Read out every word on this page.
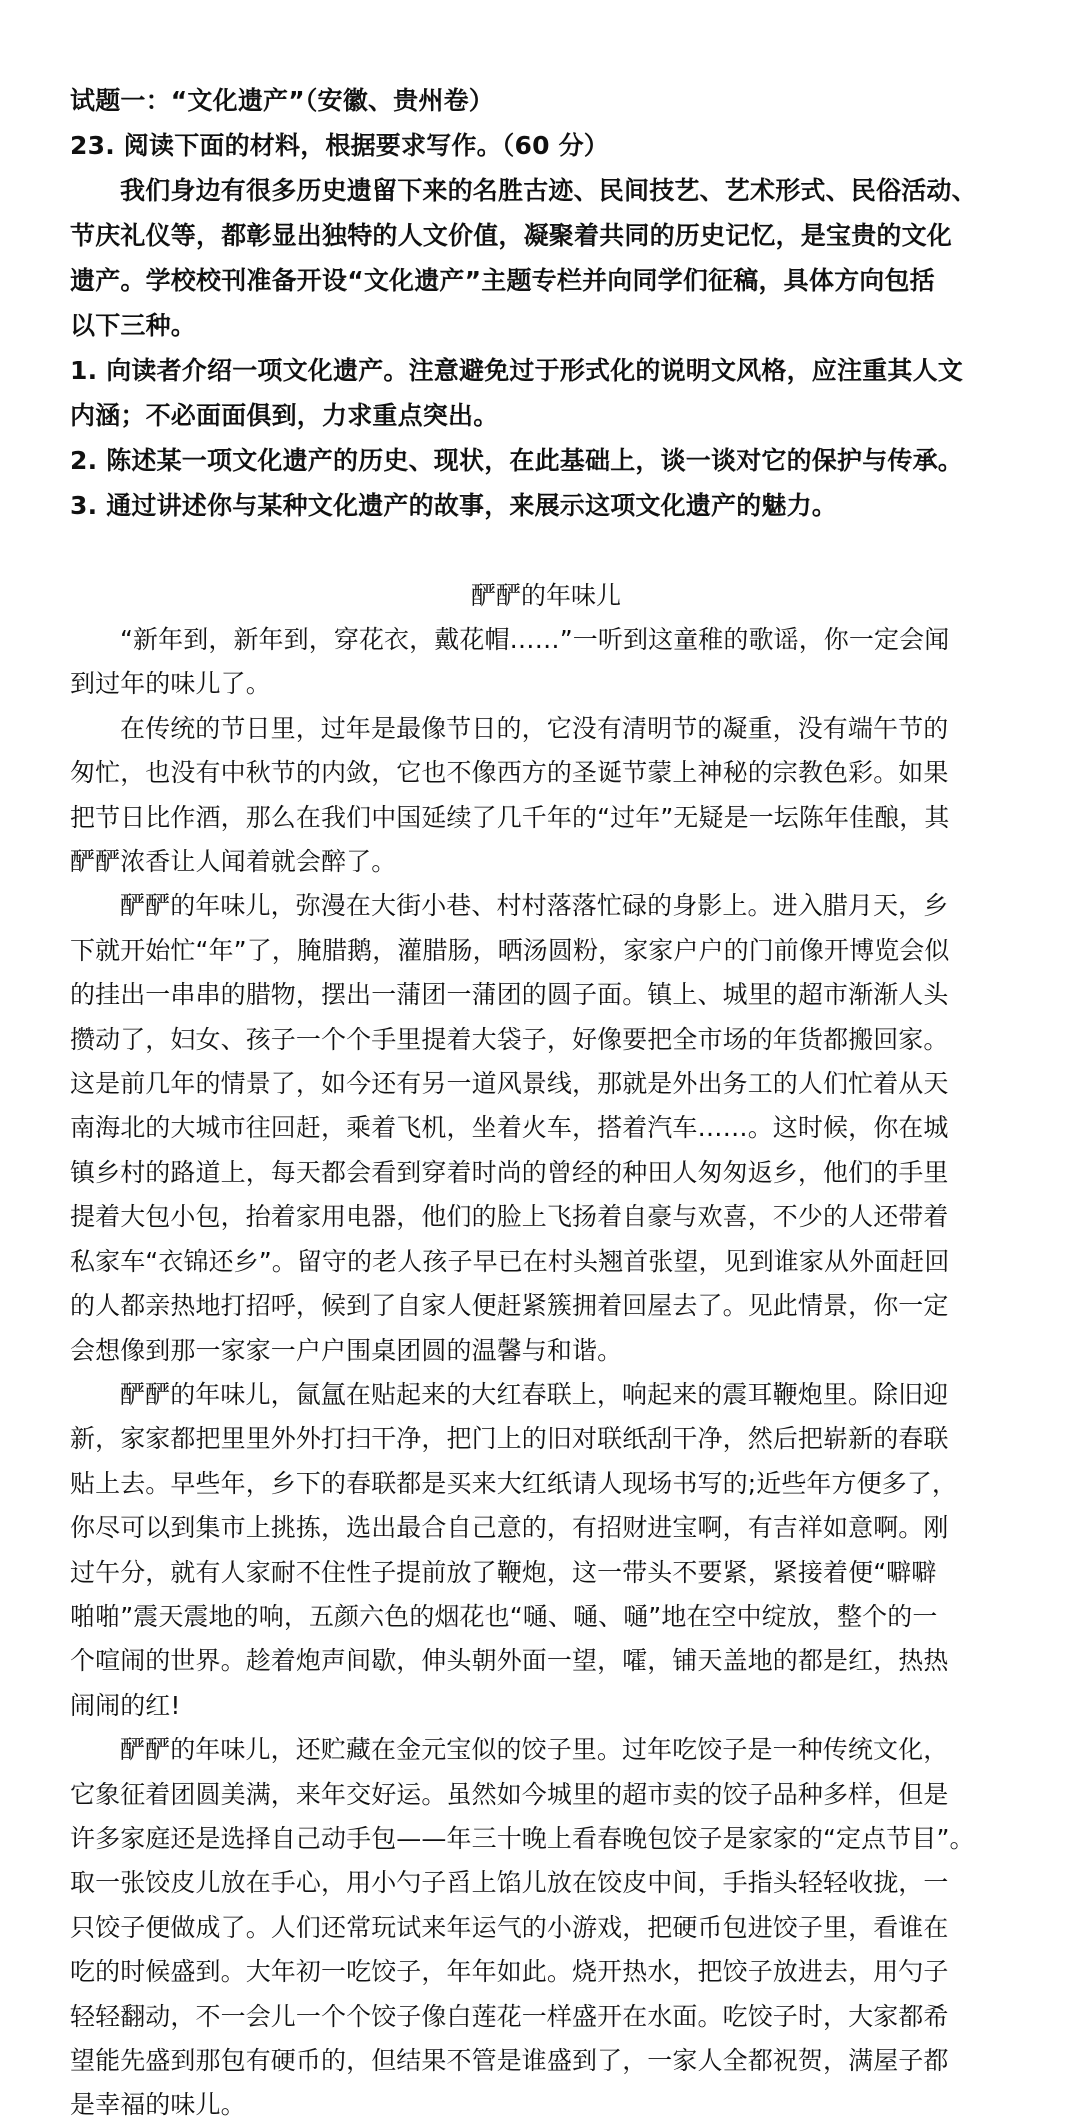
试题一：“文化遗产”（安徽、贵州卷）
23. 阅读下面的材料，根据要求写作。（60 分）
我们身边有很多历史遗留下来的名胜古迹、民间技艺、艺术形式、民俗活动、
节庆礼仪等，都彰显出独特的人文价值，凝聚着共同的历史记忆，是宝贵的文化
遗产。学校校刊准备开设“文化遗产”主题专栏并向同学们征稿，具体方向包括
以下三种。
1. 向读者介绍一项文化遗产。注意避免过于形式化的说明文风格，应注重其人文
内涵；不必面面俱到，力求重点突出。
2. 陈述某一项文化遗产的历史、现状，在此基础上，谈一谈对它的保护与传承。
3. 通过讲述你与某种文化遗产的故事，来展示这项文化遗产的魅力。
酽酽的年味儿
“新年到，新年到，穿花衣，戴花帽……”一听到这童稚的歌谣，你一定会闻
到过年的味儿了。
在传统的节日里，过年是最像节日的，它没有清明节的凝重，没有端午节的
匆忙，也没有中秋节的内敛，它也不像西方的圣诞节蒙上神秘的宗教色彩。如果
把节日比作酒，那么在我们中国延续了几千年的“过年”无疑是一坛陈年佳酿，其
酽酽浓香让人闻着就会醉了。
酽酽的年味儿，弥漫在大街小巷、村村落落忙碌的身影上。进入腊月天，乡
下就开始忙“年”了，腌腊鹅，灌腊肠，晒汤圆粉，家家户户的门前像开博览会似
的挂出一串串的腊物，摆出一蒲团一蒲团的圆子面。镇上、城里的超市渐渐人头
攒动了，妇女、孩子一个个手里提着大袋子，好像要把全市场的年货都搬回家。
这是前几年的情景了，如今还有另一道风景线，那就是外出务工的人们忙着从天
南海北的大城市往回赶，乘着飞机，坐着火车，搭着汽车……。这时候，你在城
镇乡村的路道上，每天都会看到穿着时尚的曾经的种田人匆匆返乡，他们的手里
提着大包小包，抬着家用电器，他们的脸上飞扬着自豪与欢喜，不少的人还带着
私家车“衣锦还乡”。留守的老人孩子早已在村头翘首张望，见到谁家从外面赶回
的人都亲热地打招呼，候到了自家人便赶紧簇拥着回屋去了。见此情景，你一定
会想像到那一家家一户户围桌团圆的温馨与和谐。
酽酽的年味儿，氤氲在贴起来的大红春联上，响起来的震耳鞭炮里。除旧迎
新，家家都把里里外外打扫干净，把门上的旧对联纸刮干净，然后把崭新的春联
贴上去。早些年，乡下的春联都是买来大红纸请人现场书写的;近些年方便多了，
你尽可以到集市上挑拣，选出最合自己意的，有招财进宝啊，有吉祥如意啊。刚
过午分，就有人家耐不住性子提前放了鞭炮，这一带头不要紧，紧接着便“噼噼
啪啪”震天震地的响，五颜六色的烟花也“嗵、嗵、嗵”地在空中绽放，整个的一
个喧闹的世界。趁着炮声间歇，伸头朝外面一望，嚯，铺天盖地的都是红，热热
闹闹的红!
酽酽的年味儿，还贮藏在金元宝似的饺子里。过年吃饺子是一种传统文化，
它象征着团圆美满，来年交好运。虽然如今城里的超市卖的饺子品种多样，但是
许多家庭还是选择自己动手包——年三十晚上看春晚包饺子是家家的“定点节目”。
取一张饺皮儿放在手心，用小勺子舀上馅儿放在饺皮中间，手指头轻轻收拢，一
只饺子便做成了。人们还常玩试来年运气的小游戏，把硬币包进饺子里，看谁在
吃的时候盛到。大年初一吃饺子，年年如此。烧开热水，把饺子放进去，用勺子
轻轻翻动，不一会儿一个个饺子像白莲花一样盛开在水面。吃饺子时，大家都希
望能先盛到那包有硬币的，但结果不管是谁盛到了，一家人全都祝贺，满屋子都
是幸福的味儿。
